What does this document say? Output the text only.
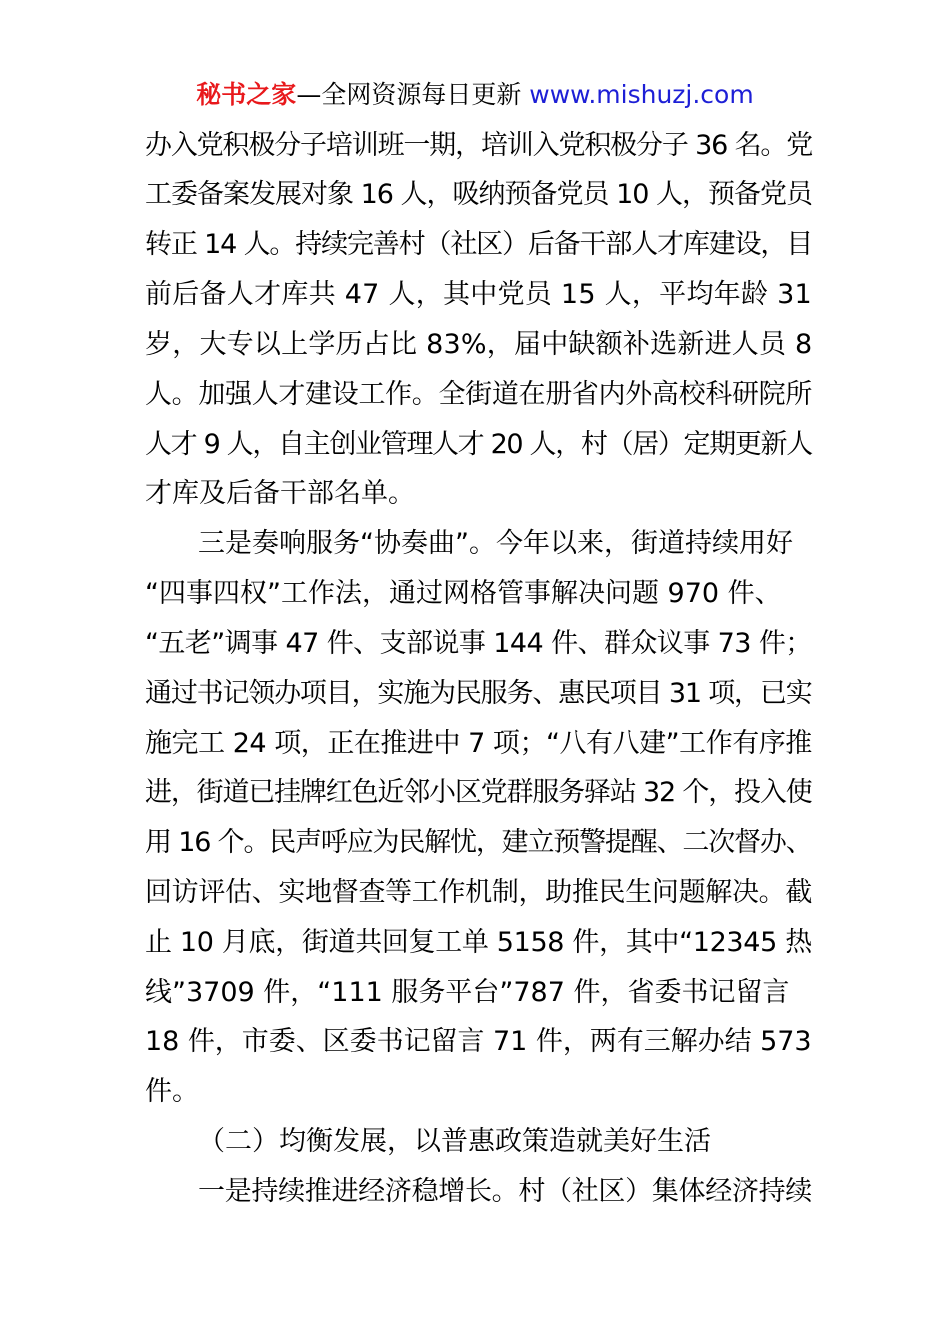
秘书之家—全网资源每日更新 www.mishuzj.com
办入党积极分子培训班一期，培训入党积极分子 36 名。党
工委备案发展对象 16 人，吸纳预备党员 10 人，预备党员
转正 14 人。持续完善村（社区）后备干部人才库建设，目
前后备人才库共 47 人，其中党员 15 人，平均年龄 31
岁，大专以上学历占比 83%，届中缺额补选新进人员 8
人。加强人才建设工作。全街道在册省内外高校科研院所
人才 9 人，自主创业管理人才 20 人，村（居）定期更新人
才库及后备干部名单。
三是奏响服务“协奏曲”。今年以来，街道持续用好
“四事四权”工作法，通过网格管事解决问题 970 件、
“五老”调事 47 件、支部说事 144 件、群众议事 73 件；
通过书记领办项目，实施为民服务、惠民项目 31 项，已实
施完工 24 项，正在推进中 7 项；“八有八建”工作有序推
进，街道已挂牌红色近邻小区党群服务驿站 32 个，投入使
用 16 个。民声呼应为民解忧，建立预警提醒、二次督办、
回访评估、实地督查等工作机制，助推民生问题解决。截
止 10 月底，街道共回复工单 5158 件，其中“12345 热
线”3709 件，“111 服务平台”787 件，省委书记留言
18 件，市委、区委书记留言 71 件，两有三解办结 573
件。
（二）均衡发展，以普惠政策造就美好生活
一是持续推进经济稳增长。村（社区）集体经济持续
